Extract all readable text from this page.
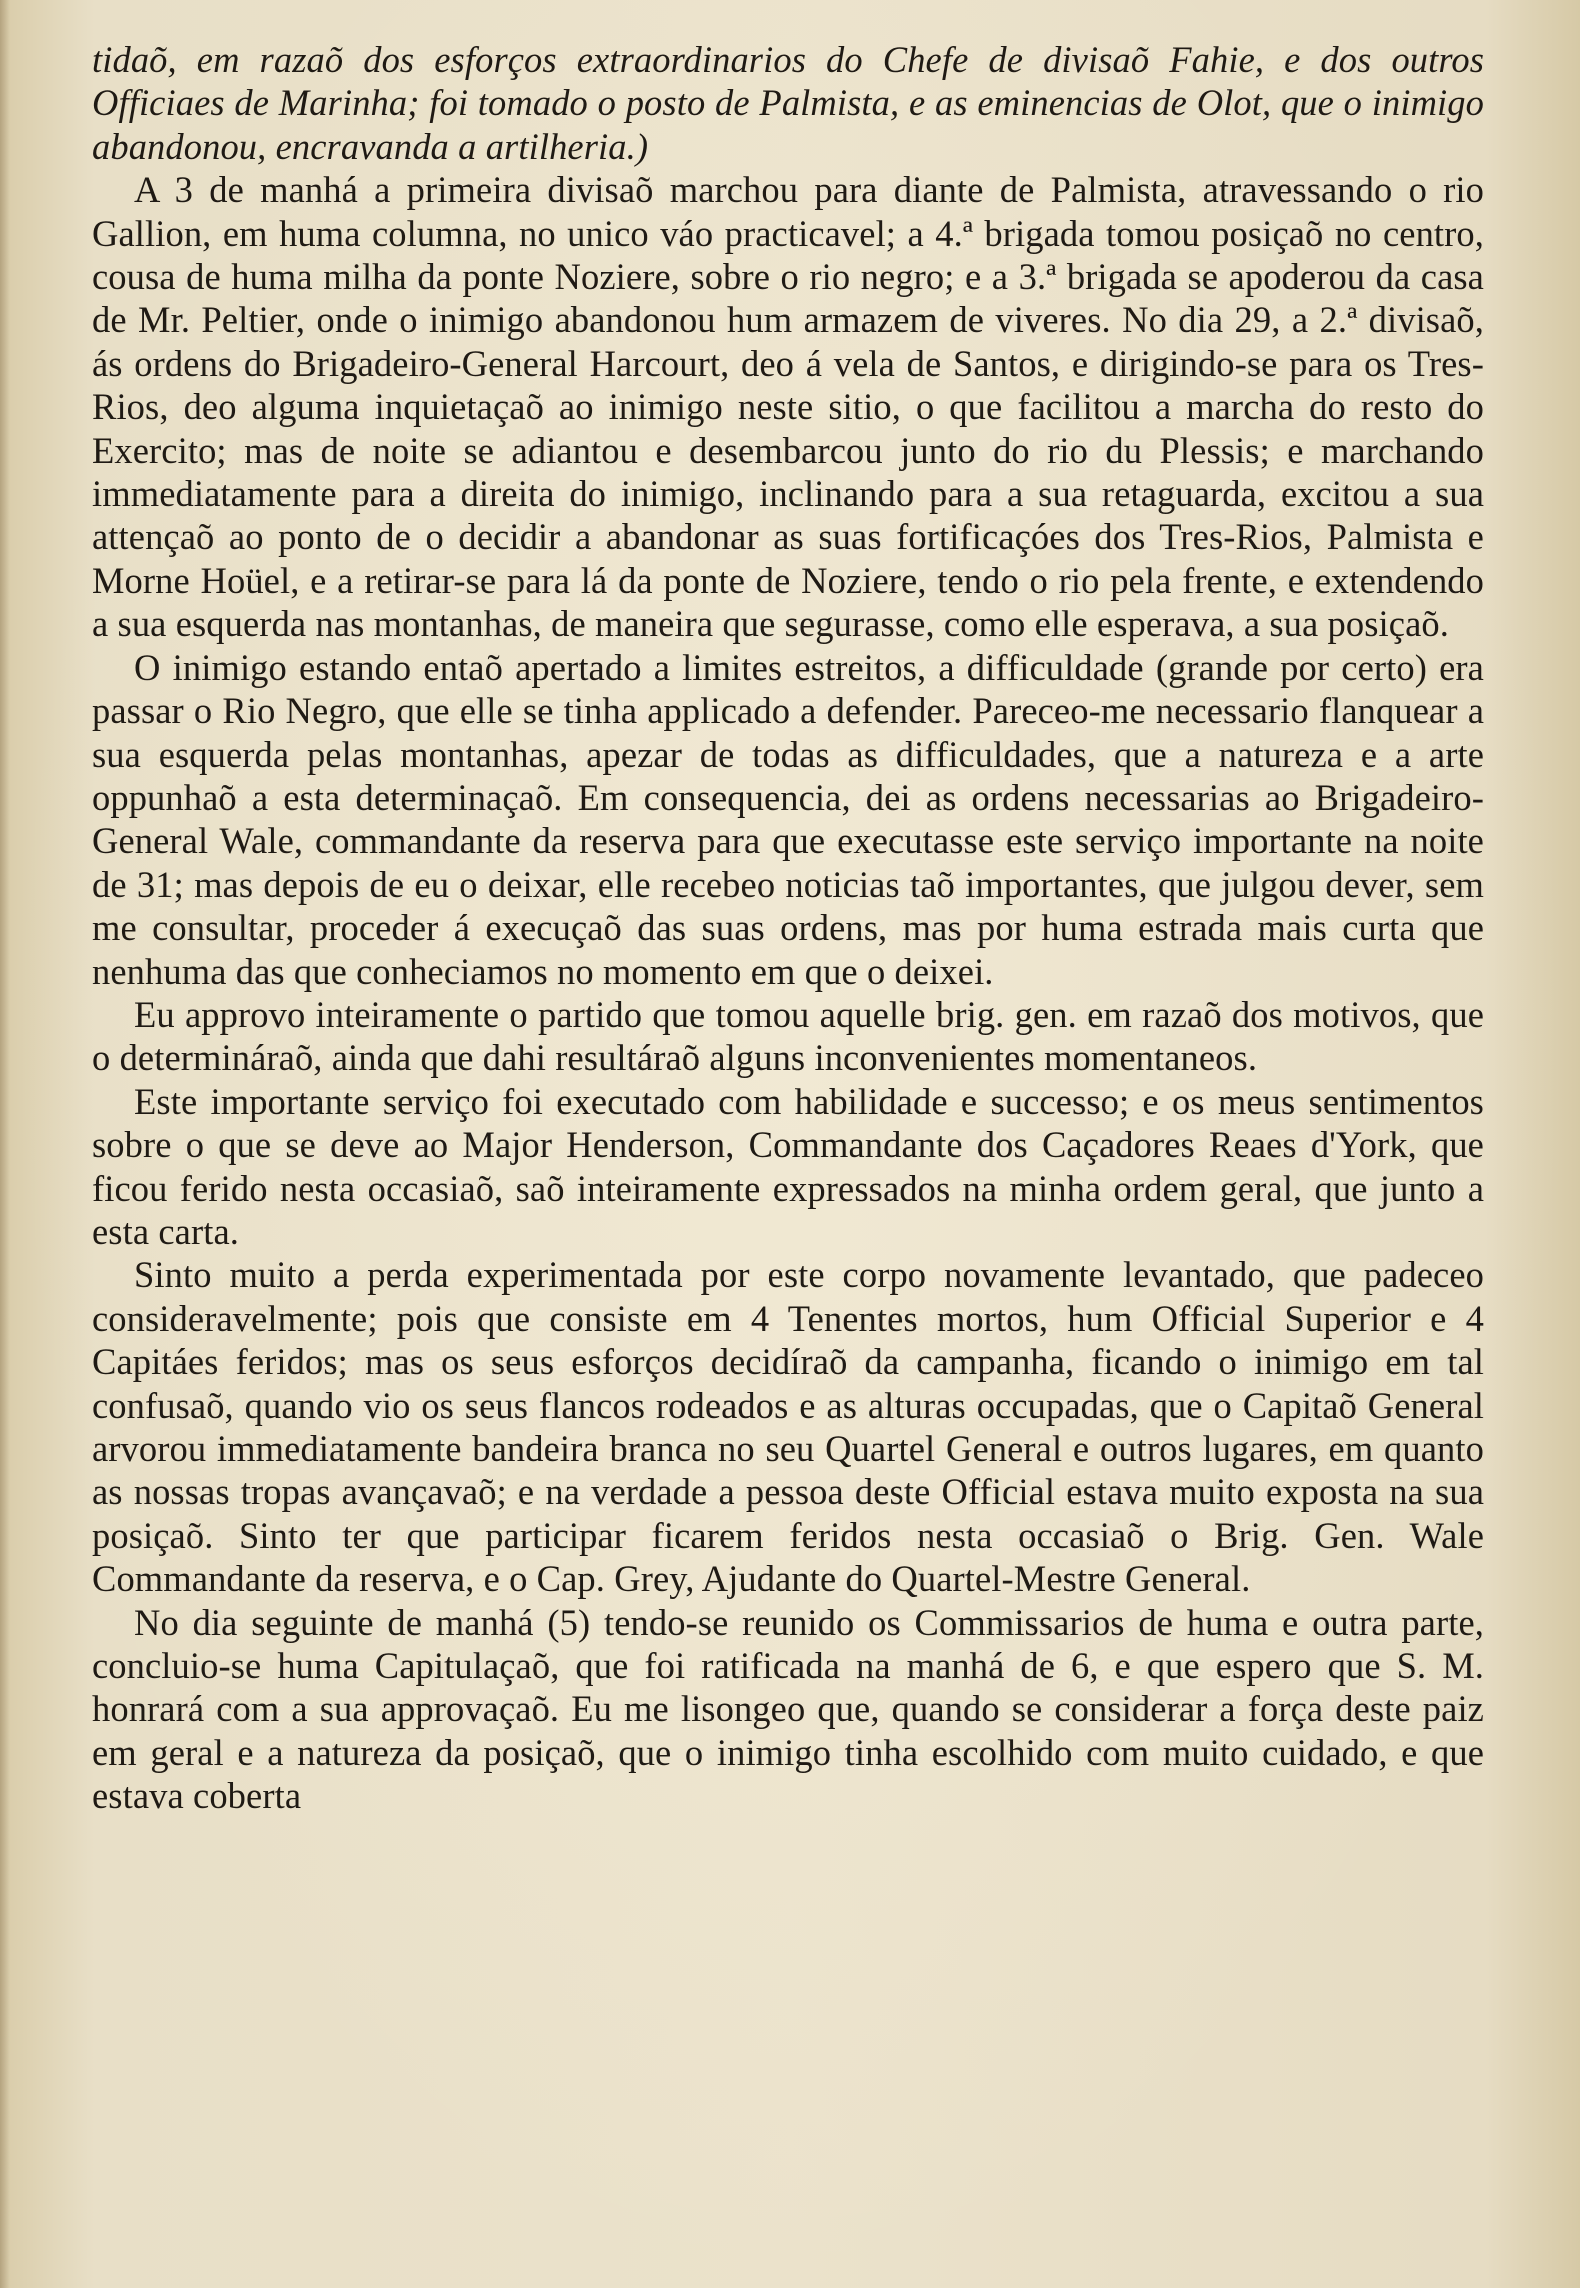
tidaõ, em razaõ dos esforços extraordinarios do Chefe de divisaõ Fahie, e dos outros Officiaes de Marinha; foi tomado o posto de Palmista, e as eminencias de Olot, que o inimigo abandonou, encravanda a artilheria.)

A 3 de manhá a primeira divisaõ marchou para diante de Palmista, atravessando o rio Gallion, em huma columna, no unico váo practicavel; a 4.ª brigada tomou posiçaõ no centro, cousa de huma milha da ponte Noziere, sobre o rio negro; e a 3.ª brigada se apoderou da casa de Mr. Peltier, onde o inimigo abandonou hum armazem de viveres. No dia 29, a 2.ª divisaõ, ás ordens do Brigadeiro-General Harcourt, deo á vela de Santos, e dirigindo-se para os Tres-Rios, deo alguma inquietaçaõ ao inimigo neste sitio, o que facilitou a marcha do resto do Exercito; mas de noite se adiantou e desembarcou junto do rio du Plessis; e marchando immediatamente para a direita do inimigo, inclinando para a sua retaguarda, excitou a sua attençaõ ao ponto de o decidir a abandonar as suas fortificaçóes dos Tres-Rios, Palmista e Morne Hoüel, e a retirar-se para lá da ponte de Noziere, tendo o rio pela frente, e extendendo a sua esquerda nas montanhas, de maneira que segurasse, como elle esperava, a sua posiçaõ.

O inimigo estando entaõ apertado a limites estreitos, a difficuldade (grande por certo) era passar o Rio Negro, que elle se tinha applicado a defender. Pareceo-me necessario flanquear a sua esquerda pelas montanhas, apezar de todas as difficuldades, que a natureza e a arte oppunhaõ a esta determinaçaõ. Em consequencia, dei as ordens necessarias ao Brigadeiro-General Wale, commandante da reserva para que executasse este serviço importante na noite de 31; mas depois de eu o deixar, elle recebeo noticias taõ importantes, que julgou dever, sem me consultar, proceder á execuçaõ das suas ordens, mas por huma estrada mais curta que nenhuma das que conheciamos no momento em que o deixei.

Eu approvo inteiramente o partido que tomou aquelle brig. gen. em razaõ dos motivos, que o determináraõ, ainda que dahi resultáraõ alguns inconvenientes momentaneos.

Este importante serviço foi executado com habilidade e successo; e os meus sentimentos sobre o que se deve ao Major Henderson, Commandante dos Caçadores Reaes d'York, que ficou ferido nesta occasiaõ, saõ inteiramente expressados na minha ordem geral, que junto a esta carta.

Sinto muito a perda experimentada por este corpo novamente levantado, que padeceo consideravelmente; pois que consiste em 4 Tenentes mortos, hum Official Superior e 4 Capitáes feridos; mas os seus esforços decidíraõ da campanha, ficando o inimigo em tal confusaõ, quando vio os seus flancos rodeados e as alturas occupadas, que o Capitaõ General arvorou immediatamente bandeira branca no seu Quartel General e outros lugares, em quanto as nossas tropas avançavaõ; e na verdade a pessoa deste Official estava muito exposta na sua posiçaõ. Sinto ter que participar ficarem feridos nesta occasiaõ o Brig. Gen. Wale Commandante da reserva, e o Cap. Grey, Ajudante do Quartel-Mestre General.

No dia seguinte de manhá (5) tendo-se reunido os Commissarios de huma e outra parte, concluio-se huma Capitulaçaõ, que foi ratificada na manhá de 6, e que espero que S. M. honrará com a sua approvaçaõ. Eu me lisongeo que, quando se considerar a força deste paiz em geral e a natureza da posiçaõ, que o inimigo tinha escolhido com muito cuidado, e que estava coberta
